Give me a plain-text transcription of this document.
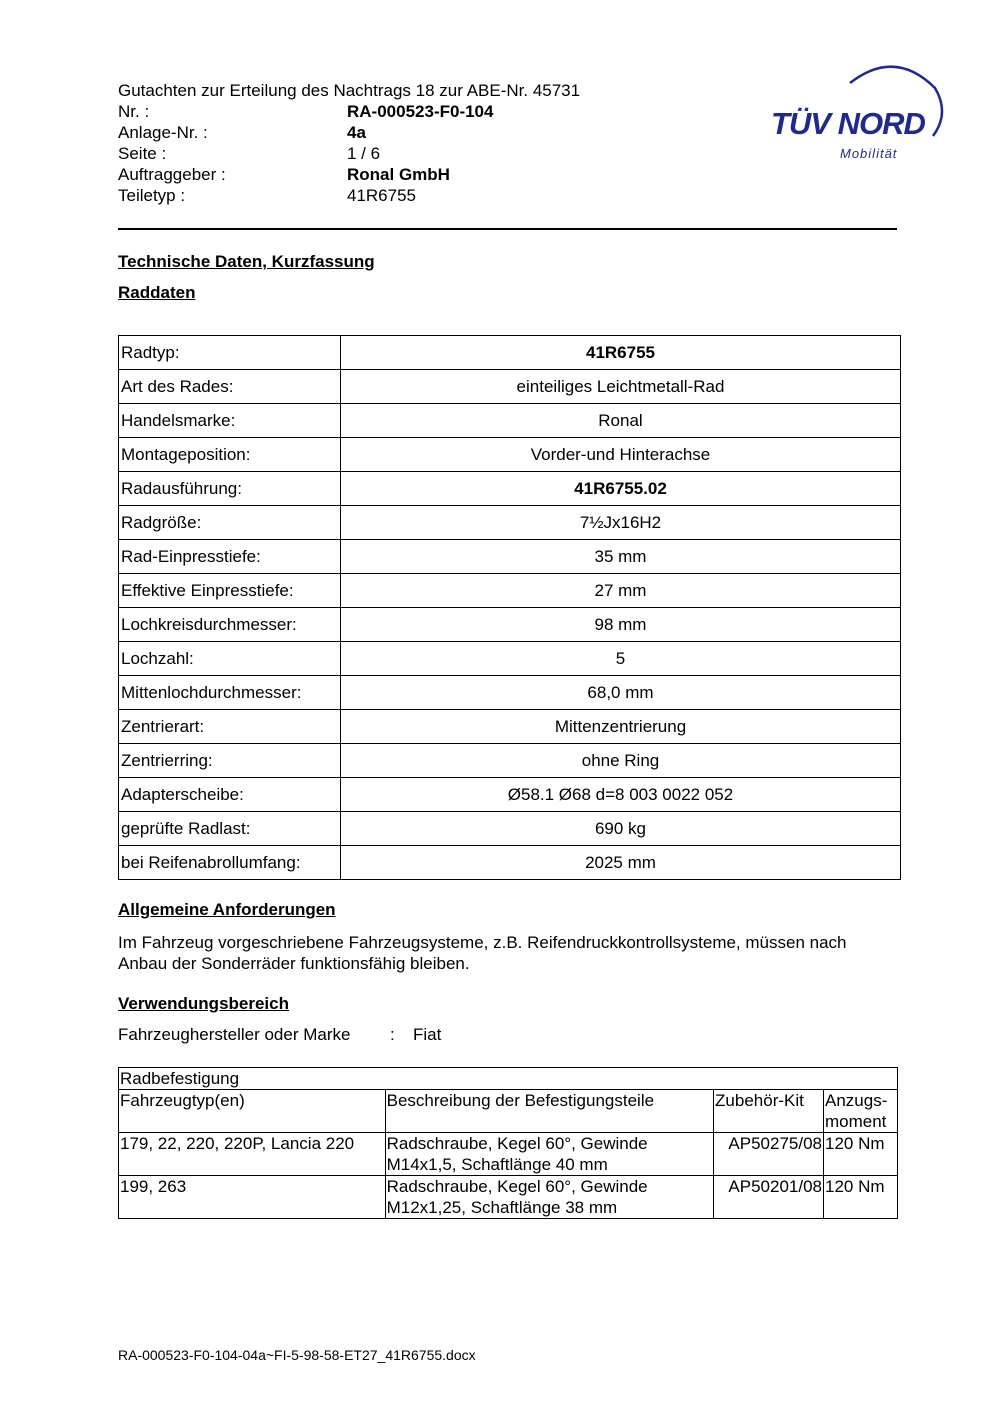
Gutachten zur Erteilung des Nachtrags 18 zur ABE-Nr. 45731
Nr. :	RA-000523-F0-104
Anlage-Nr. :	4a
Seite :	1 / 6
Auftraggeber :	Ronal GmbH
Teiletyp :	41R6755
TÜV NORD
Mobilität
Technische Daten, Kurzfassung
Raddaten
Radtyp:	41R6755
Art des Rades:	einteiliges Leichtmetall-Rad
Handelsmarke:	Ronal
Montageposition:	Vorder-und Hinterachse
Radausführung:	41R6755.02
Radgröße:	7½Jx16H2
Rad-Einpresstiefe:	35 mm
Effektive Einpresstiefe:	27 mm
Lochkreisdurchmesser:	98 mm
Lochzahl:	5
Mittenlochdurchmesser:	68,0 mm
Zentrierart:	Mittenzentrierung
Zentrierring:	ohne Ring
Adapterscheibe:	Ø58.1 Ø68 d=8 003 0022 052
geprüfte Radlast:	690 kg
bei Reifenabrollumfang:	2025 mm
Allgemeine Anforderungen
Im Fahrzeug vorgeschriebene Fahrzeugsysteme, z.B. Reifendruckkontrollsysteme, müssen nach Anbau der Sonderräder funktionsfähig bleiben.
Verwendungsbereich
Fahrzeughersteller oder Marke	:	Fiat
Radbefestigung			
Fahrzeugtyp(en)	Beschreibung der Befestigungsteile	Zubehör-Kit	Anzugs- moment
179, 22, 220, 220P, Lancia 220	Radschraube, Kegel 60°, Gewinde M14x1,5, Schaftlänge 40 mm	AP50275/08	120 Nm
199, 263	Radschraube, Kegel 60°, Gewinde M12x1,25, Schaftlänge 38 mm	AP50201/08	120 Nm
RA-000523-F0-104-04a~FI-5-98-58-ET27_41R6755.docx
